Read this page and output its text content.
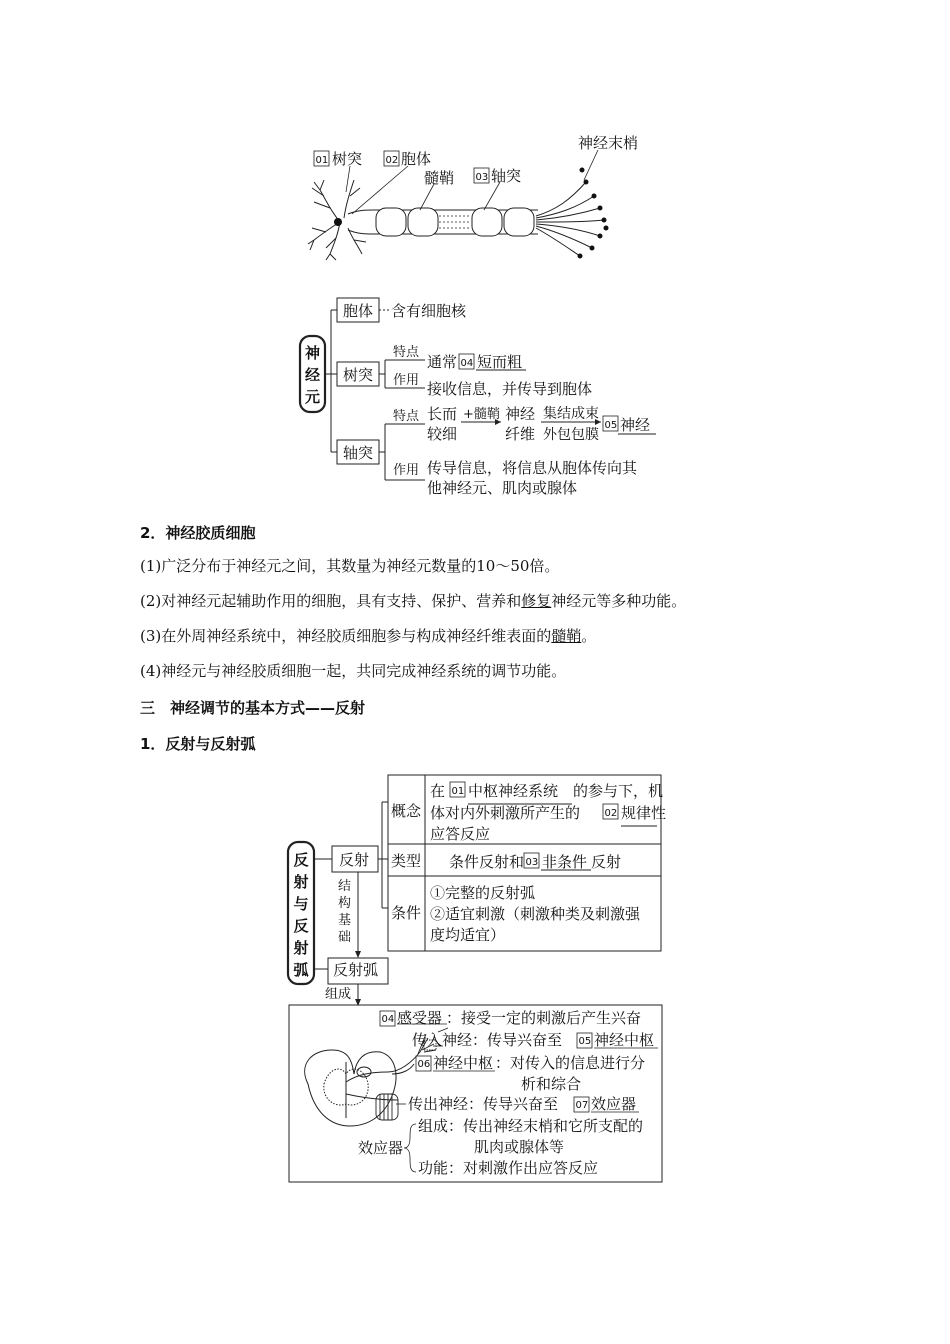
01 树突 02 胞体
髓鞘 03 轴突
神经末梢
神
经
元
胞体 含有细胞核
树突
特点
通常 04 短而粗
作用 接收信息，并传导到胞体
轴突
特点 长而
较细
+髓鞘 神经
纤维
集结成束
外包包膜
05 神经
作用 传导信息，将信息从胞体传向其
他神经元、肌肉或腺体
2．神经胶质细胞
(1)广泛分布于神经元之间，其数量为神经元数量的10～50倍。
(2)对神经元起辅助作用的细胞，具有支持、保护、营养和修复神经元等多种功能。
(3)在外周神经系统中，神经胶质细胞参与构成神经纤维表面的髓鞘。
(4)神经元与神经胶质细胞一起，共同完成神经系统的调节功能。
三　神经调节的基本方式——反射
1．反射与反射弧
反
射
与
反
射
弧
反射
结
构
基
础
概念
在 01 中枢神经系统 的参与下，机
体对内外刺激所产生的 02 规律性
应答反应
类型 条件反射和 03 非条件 反射
条件
①完整的反射弧
②适宜刺激（刺激种类及刺激强
度均适宜）
反射弧
组成
04 感受器 ：接受一定的刺激后产生兴奋
传入神经：传导兴奋至 05 神经中枢
06 神经中枢 ：对传入的信息进行分
析和综合
传出神经：传导兴奋至 07 效应器
效应器
组成：传出神经末梢和它所支配的
肌肉或腺体等
功能：对刺激作出应答反应
